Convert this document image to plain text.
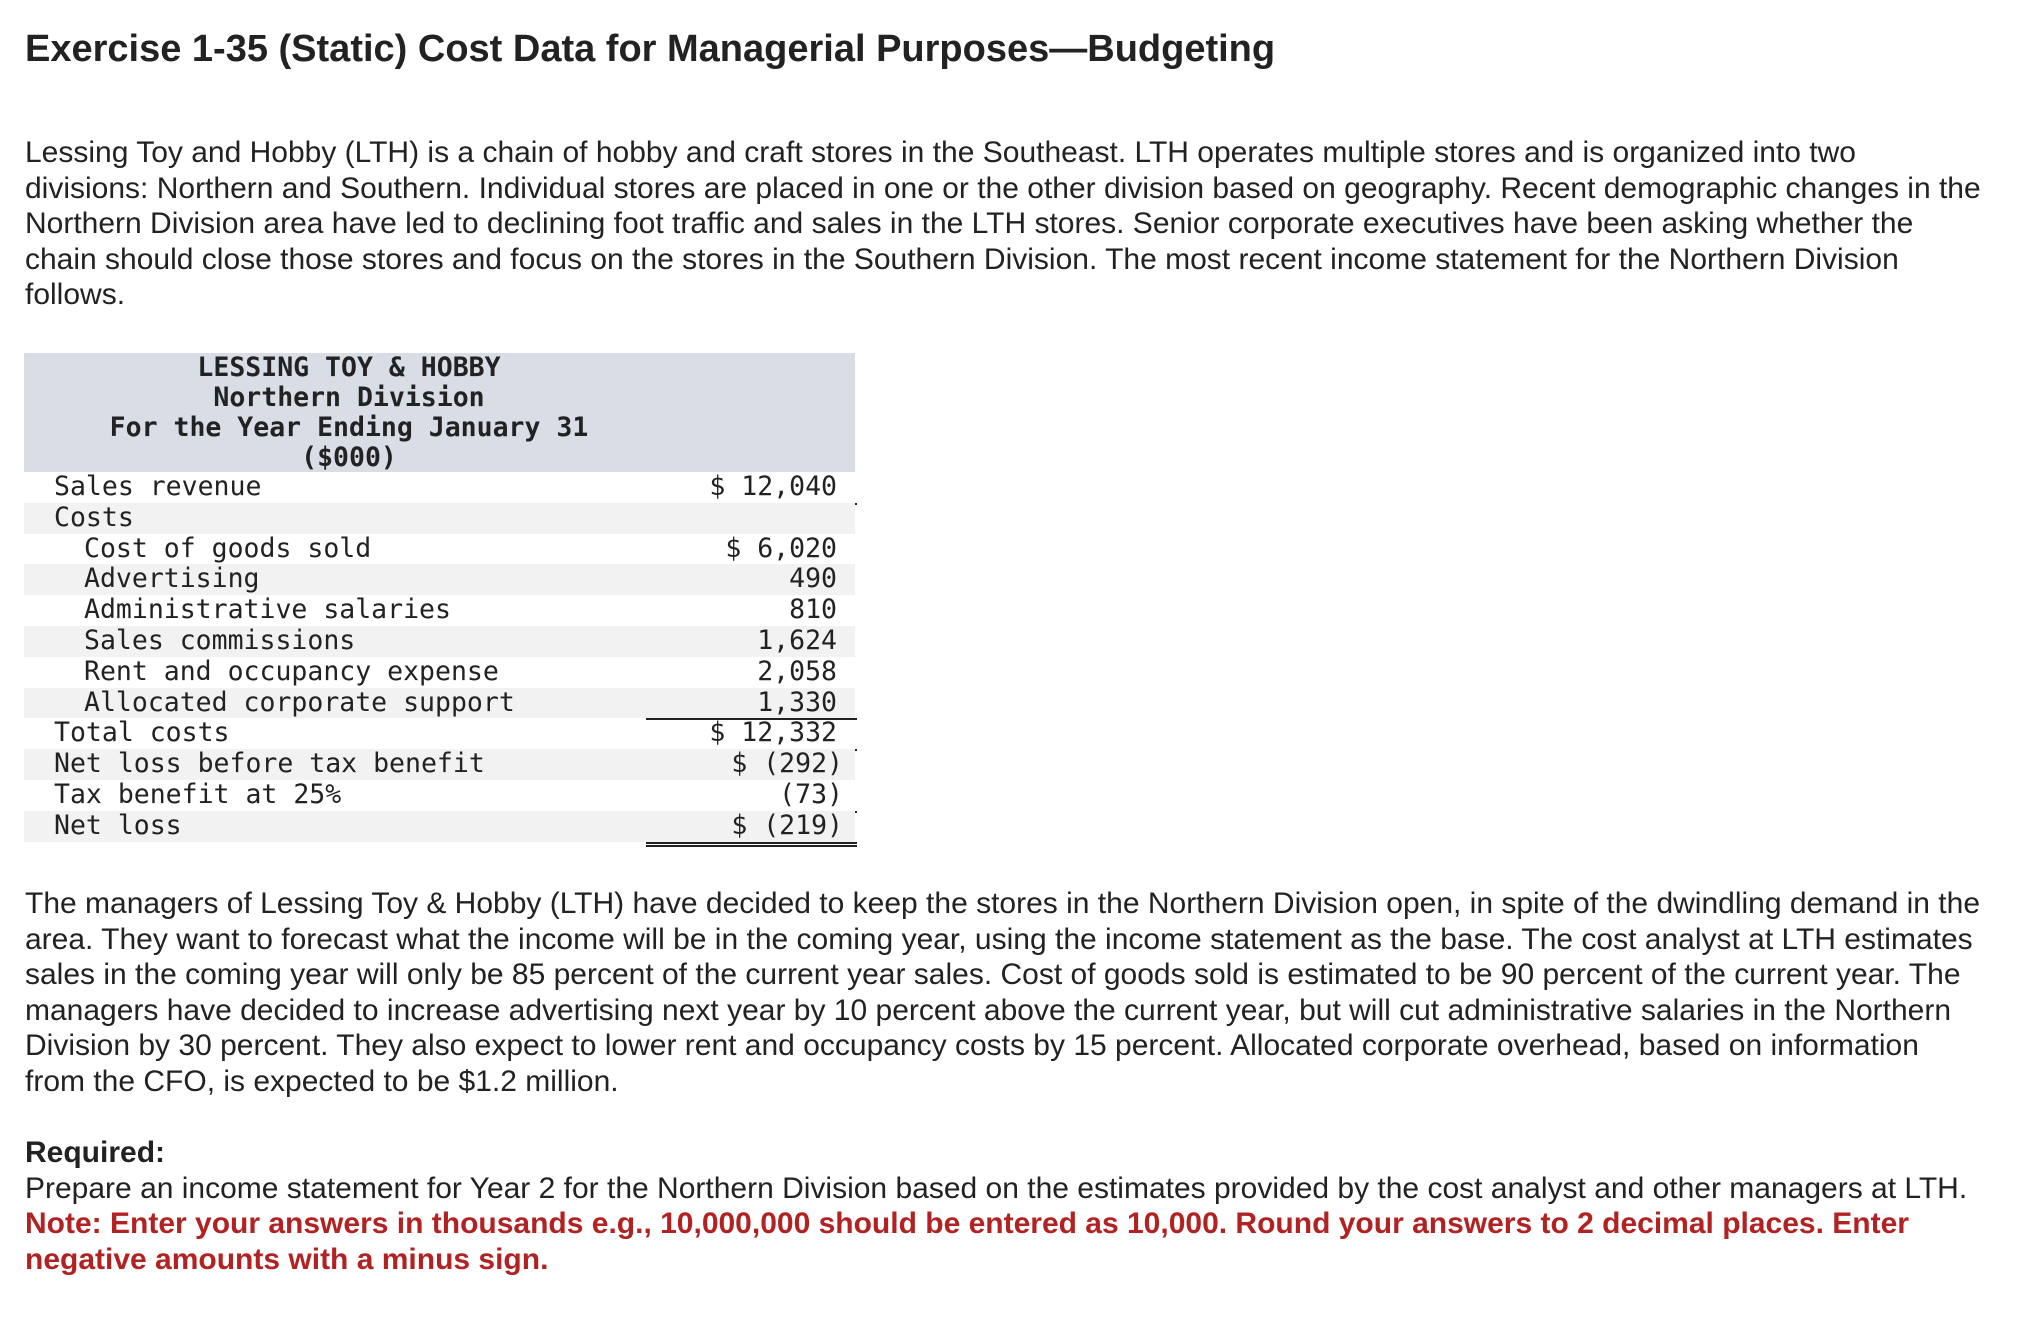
Exercise 1-35 (Static) Cost Data for Managerial Purposes—Budgeting

Lessing Toy and Hobby (LTH) is a chain of hobby and craft stores in the Southeast. LTH operates multiple stores and is organized into two divisions: Northern and Southern. Individual stores are placed in one or the other division based on geography. Recent demographic changes in the Northern Division area have led to declining foot traffic and sales in the LTH stores. Senior corporate executives have been asking whether the chain should close those stores and focus on the stores in the Southern Division. The most recent income statement for the Northern Division follows.

LESSING TOY & HOBBY
Northern Division
For the Year Ending January 31
($000)
Sales revenue	$ 12,040
Costs
Cost of goods sold	$ 6,020
Advertising	490
Administrative salaries	810
Sales commissions	1,624
Rent and occupancy expense	2,058
Allocated corporate support	1,330
Total costs	$ 12,332
Net loss before tax benefit	$ (292)
Tax benefit at 25%	(73)
Net loss	$ (219)

The managers of Lessing Toy & Hobby (LTH) have decided to keep the stores in the Northern Division open, in spite of the dwindling demand in the area. They want to forecast what the income will be in the coming year, using the income statement as the base. The cost analyst at LTH estimates sales in the coming year will only be 85 percent of the current year sales. Cost of goods sold is estimated to be 90 percent of the current year. The managers have decided to increase advertising next year by 10 percent above the current year, but will cut administrative salaries in the Northern Division by 30 percent. They also expect to lower rent and occupancy costs by 15 percent. Allocated corporate overhead, based on information from the CFO, is expected to be $1.2 million.

Required:
Prepare an income statement for Year 2 for the Northern Division based on the estimates provided by the cost analyst and other managers at LTH.
Note: Enter your answers in thousands e.g., 10,000,000 should be entered as 10,000. Round your answers to 2 decimal places. Enter negative amounts with a minus sign.
